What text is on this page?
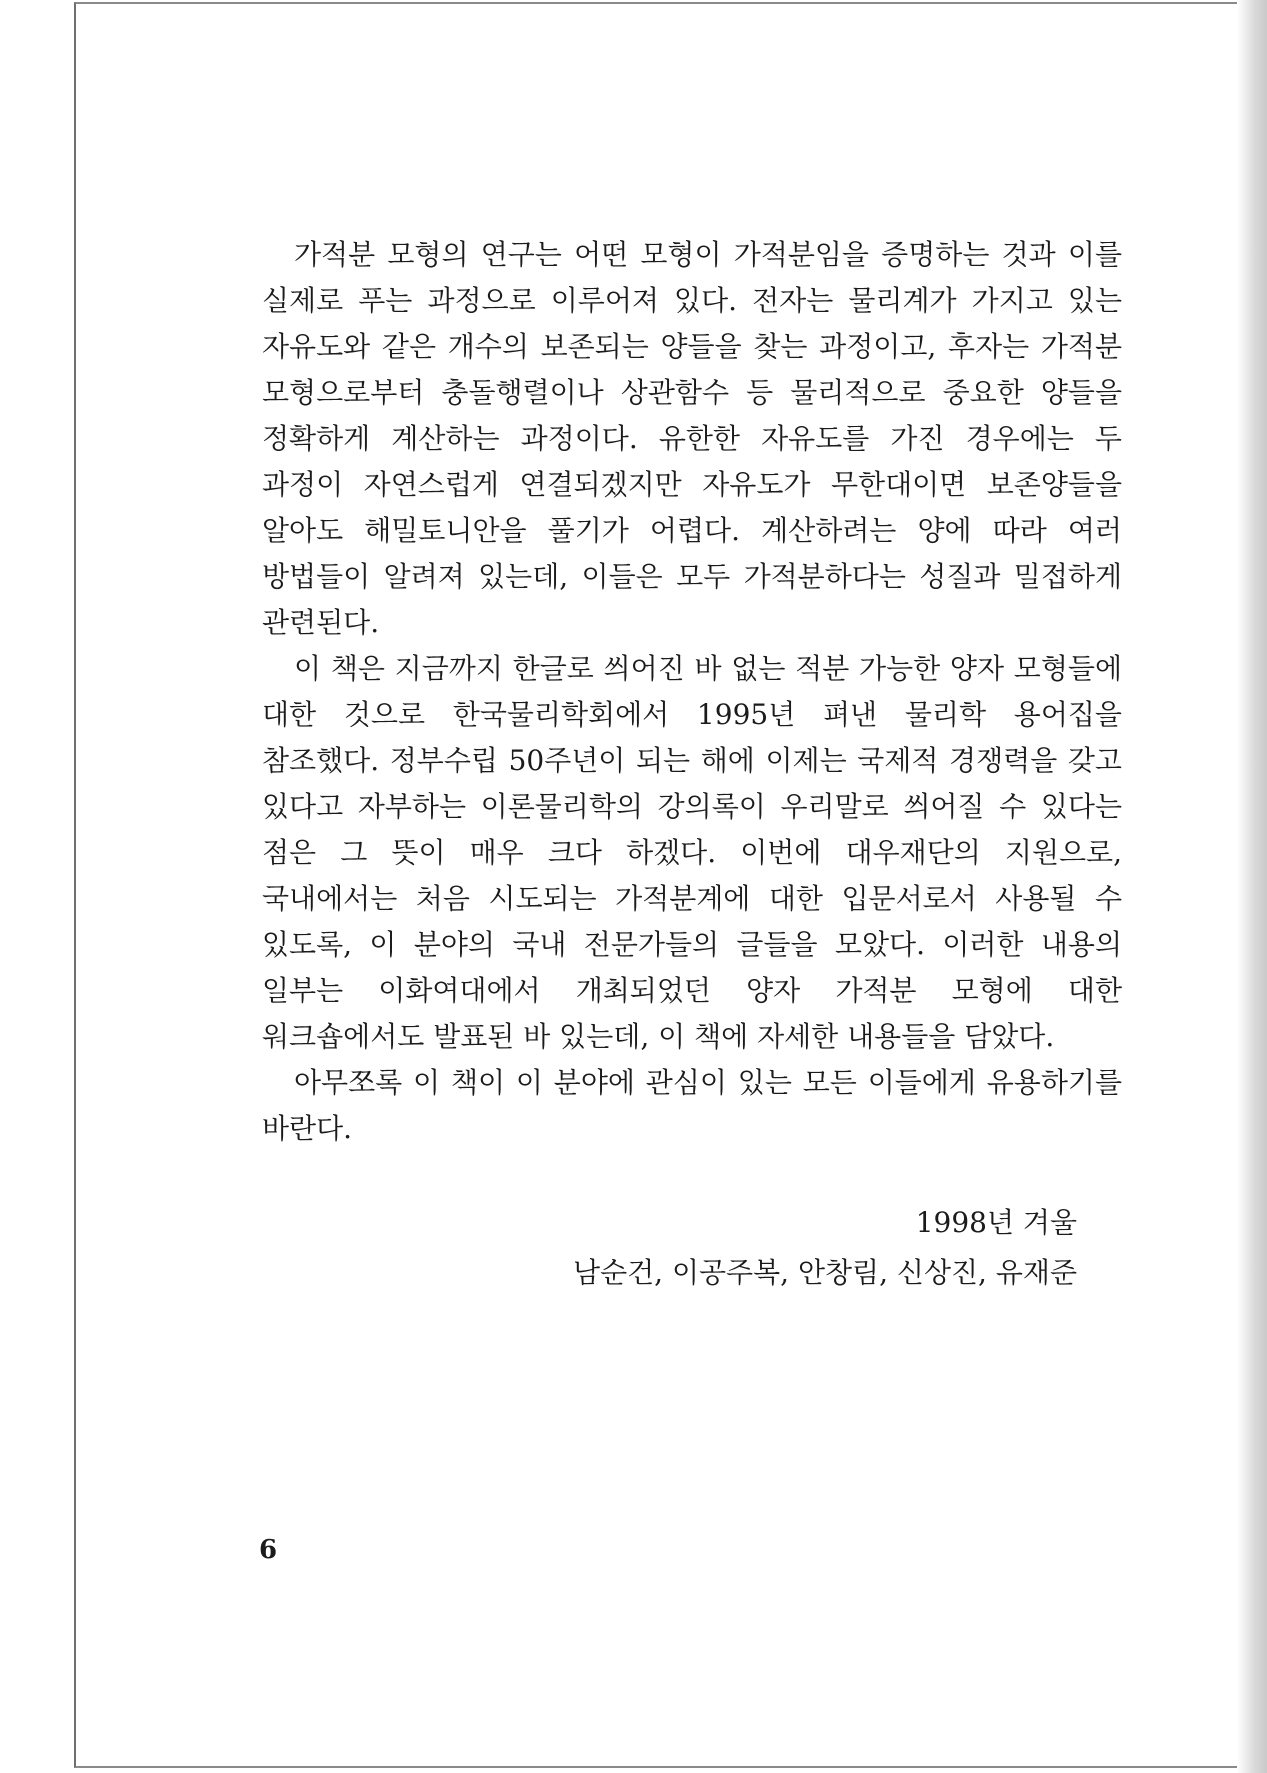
가적분 모형의 연구는 어떤 모형이 가적분임을 증명하는 것과 이를 실제로 푸는 과정으로 이루어져 있다. 전자는 물리계가 가지고 있는 자유도와 같은 개수의 보존되는 양들을 찾는 과정이고, 후자는 가적분 모형으로부터 충돌행렬이나 상관함수 등 물리적으로 중요한 양들을 정확하게 계산하는 과정이다. 유한한 자유도를 가진 경우에는 두 과정이 자연스럽게 연결되겠지만 자유도가 무한대이면 보존양들을 알아도 해밀토니안을 풀기가 어렵다. 계산하려는 양에 따라 여러 방법들이 알려져 있는데, 이들은 모두 가적분하다는 성질과 밀접하게 관련된다.

이 책은 지금까지 한글로 씌어진 바 없는 적분 가능한 양자 모형들에 대한 것으로 한국물리학회에서 1995년 펴낸 물리학 용어집을 참조했다. 정부수립 50주년이 되는 해에 이제는 국제적 경쟁력을 갖고 있다고 자부하는 이론물리학의 강의록이 우리말로 씌어질 수 있다는 점은 그 뜻이 매우 크다 하겠다. 이번에 대우재단의 지원으로, 국내에서는 처음 시도되는 가적분계에 대한 입문서로서 사용될 수 있도록, 이 분야의 국내 전문가들의 글들을 모았다. 이러한 내용의 일부는 이화여대에서 개최되었던 양자 가적분 모형에 대한 워크숍에서도 발표된 바 있는데, 이 책에 자세한 내용들을 담았다.

아무쪼록 이 책이 이 분야에 관심이 있는 모든 이들에게 유용하기를 바란다.

1998년 겨울
남순건, 이공주복, 안창림, 신상진, 유재준
6
